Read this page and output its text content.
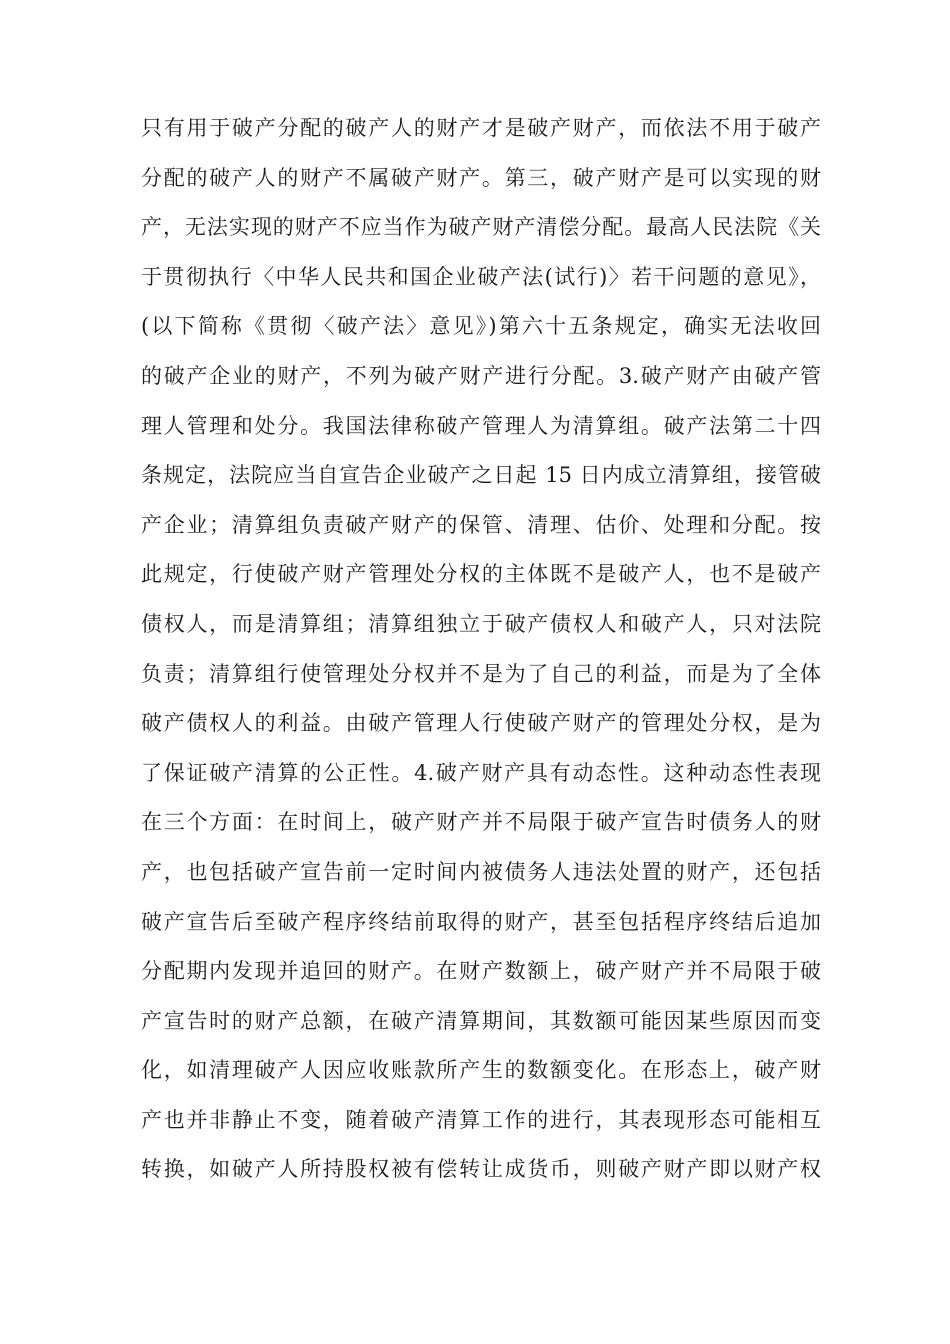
只有用于破产分配的破产人的财产才是破产财产，而依法不用于破产
分配的破产人的财产不属破产财产。第三，破产财产是可以实现的财
产，无法实现的财产不应当作为破产财产清偿分配。最高人民法院《关
于贯彻执行〈中华人民共和国企业破产法(试行)〉若干问题的意见》，
(以下简称《贯彻〈破产法〉意见》)第六十五条规定，确实无法收回
的破产企业的财产，不列为破产财产进行分配。3.破产财产由破产管
理人管理和处分。我国法律称破产管理人为清算组。破产法第二十四
条规定，法院应当自宣告企业破产之日起 15 日内成立清算组，接管破
产企业；清算组负责破产财产的保管、清理、估价、处理和分配。按
此规定，行使破产财产管理处分权的主体既不是破产人，也不是破产
债权人，而是清算组；清算组独立于破产债权人和破产人，只对法院
负责；清算组行使管理处分权并不是为了自己的利益，而是为了全体
破产债权人的利益。由破产管理人行使破产财产的管理处分权，是为
了保证破产清算的公正性。4.破产财产具有动态性。这种动态性表现
在三个方面：在时间上，破产财产并不局限于破产宣告时债务人的财
产，也包括破产宣告前一定时间内被债务人违法处置的财产，还包括
破产宣告后至破产程序终结前取得的财产，甚至包括程序终结后追加
分配期内发现并追回的财产。在财产数额上，破产财产并不局限于破
产宣告时的财产总额，在破产清算期间，其数额可能因某些原因而变
化，如清理破产人因应收账款所产生的数额变化。在形态上，破产财
产也并非静止不变，随着破产清算工作的进行，其表现形态可能相互
转换，如破产人所持股权被有偿转让成货币，则破产财产即以财产权
